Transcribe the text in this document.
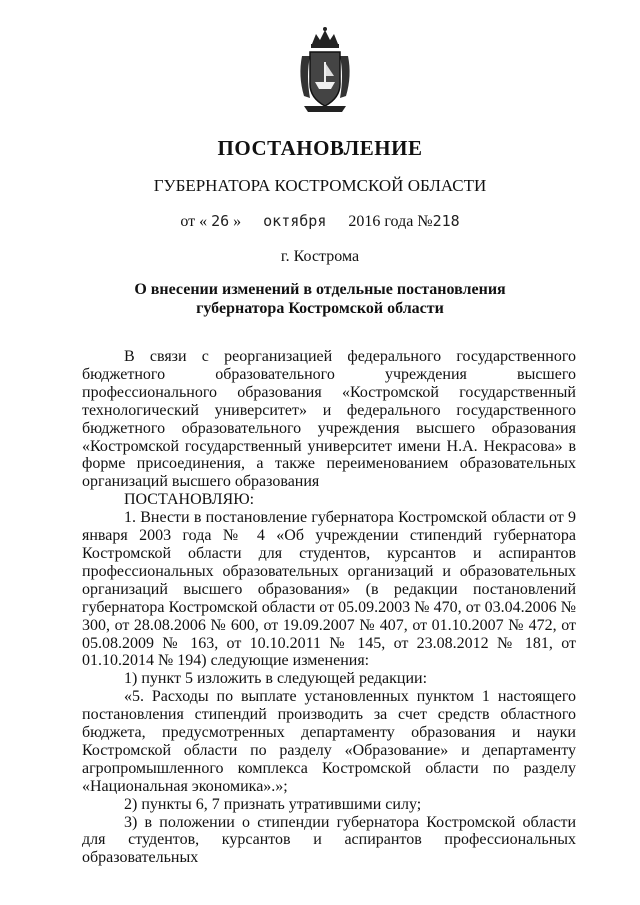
ПОСТАНОВЛЕНИЕ
ГУБЕРНАТОРА КОСТРОМСКОЙ ОБЛАСТИ
от « 26 » октября 2016 года №218
г. Кострома
О внесении изменений в отдельные постановления губернатора Костромской области

В связи с реорганизацией федерального государственного бюджетного образовательного учреждения высшего профессионального образования «Костромской государственный технологический университет» и федерального государственного бюджетного образовательного учреждения высшего образования «Костромской государственный университет имени Н.А. Некрасова» в форме присоединения, а также переименованием образовательных организаций высшего образования

ПОСТАНОВЛЯЮ:

1. Внести в постановление губернатора Костромской области от 9 января 2003 года № 4 «Об учреждении стипендий губернатора Костромской области для студентов, курсантов и аспирантов профессиональных образовательных организаций и образовательных организаций высшего образования» (в редакции постановлений губернатора Костромской области от 05.09.2003 № 470, от 03.04.2006 № 300, от 28.08.2006 № 600, от 19.09.2007 № 407, от 01.10.2007 № 472, от 05.08.2009 № 163, от 10.10.2011 № 145, от 23.08.2012 № 181, от 01.10.2014 № 194) следующие изменения:

1) пункт 5 изложить в следующей редакции:

«5. Расходы по выплате установленных пунктом 1 настоящего постановления стипендий производить за счет средств областного бюджета, предусмотренных департаменту образования и науки Костромской области по разделу «Образование» и департаменту агропромышленного комплекса Костромской области по разделу «Национальная экономика».»;

2) пункты 6, 7 признать утратившими силу;

3) в положении о стипендии губернатора Костромской области для студентов, курсантов и аспирантов профессиональных образовательных
